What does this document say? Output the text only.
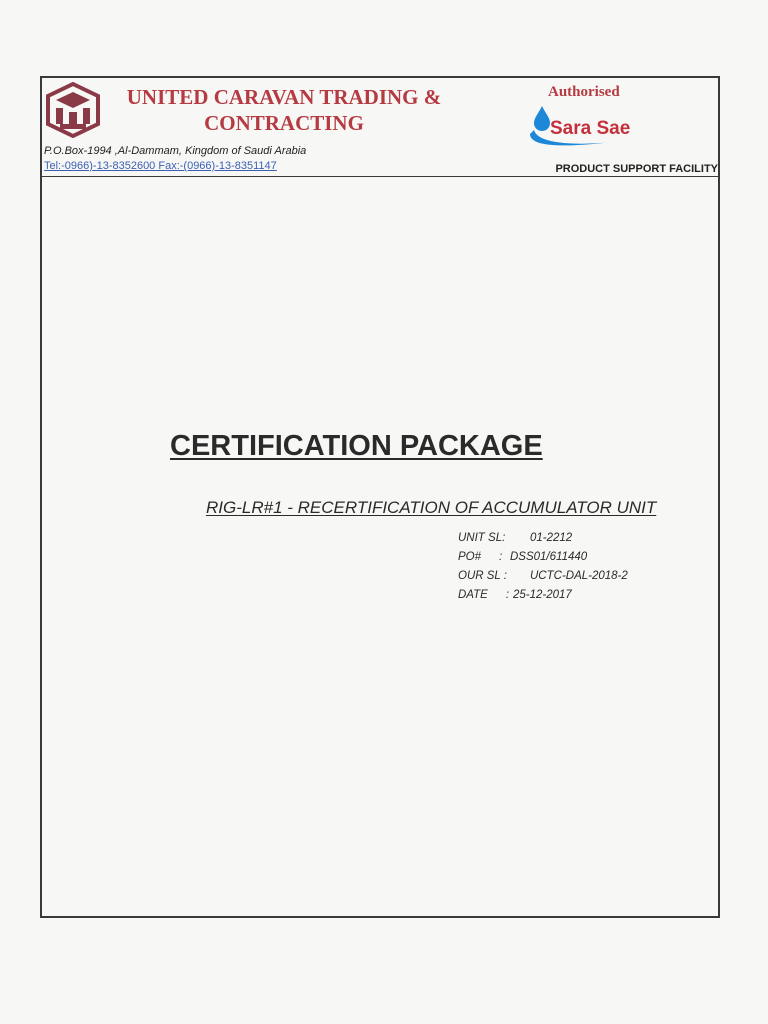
UNITED CARAVAN TRADING &
CONTRACTING
P.O.Box-1994 ,Al-Dammam, Kingdom of Saudi Arabia
Tel:-0966)-13-8352600 Fax:-(0966)-13-8351147
Authorised
Sara Sae
PRODUCT SUPPORT FACILITY
CERTIFICATION PACKAGE
RIG-LR#1 - RECERTIFICATION OF ACCUMULATOR UNIT
UNIT SL: 01-2212
PO# : DSS01/611440
OUR SL : UCTC-DAL-2018-2
DATE : 25-12-2017
